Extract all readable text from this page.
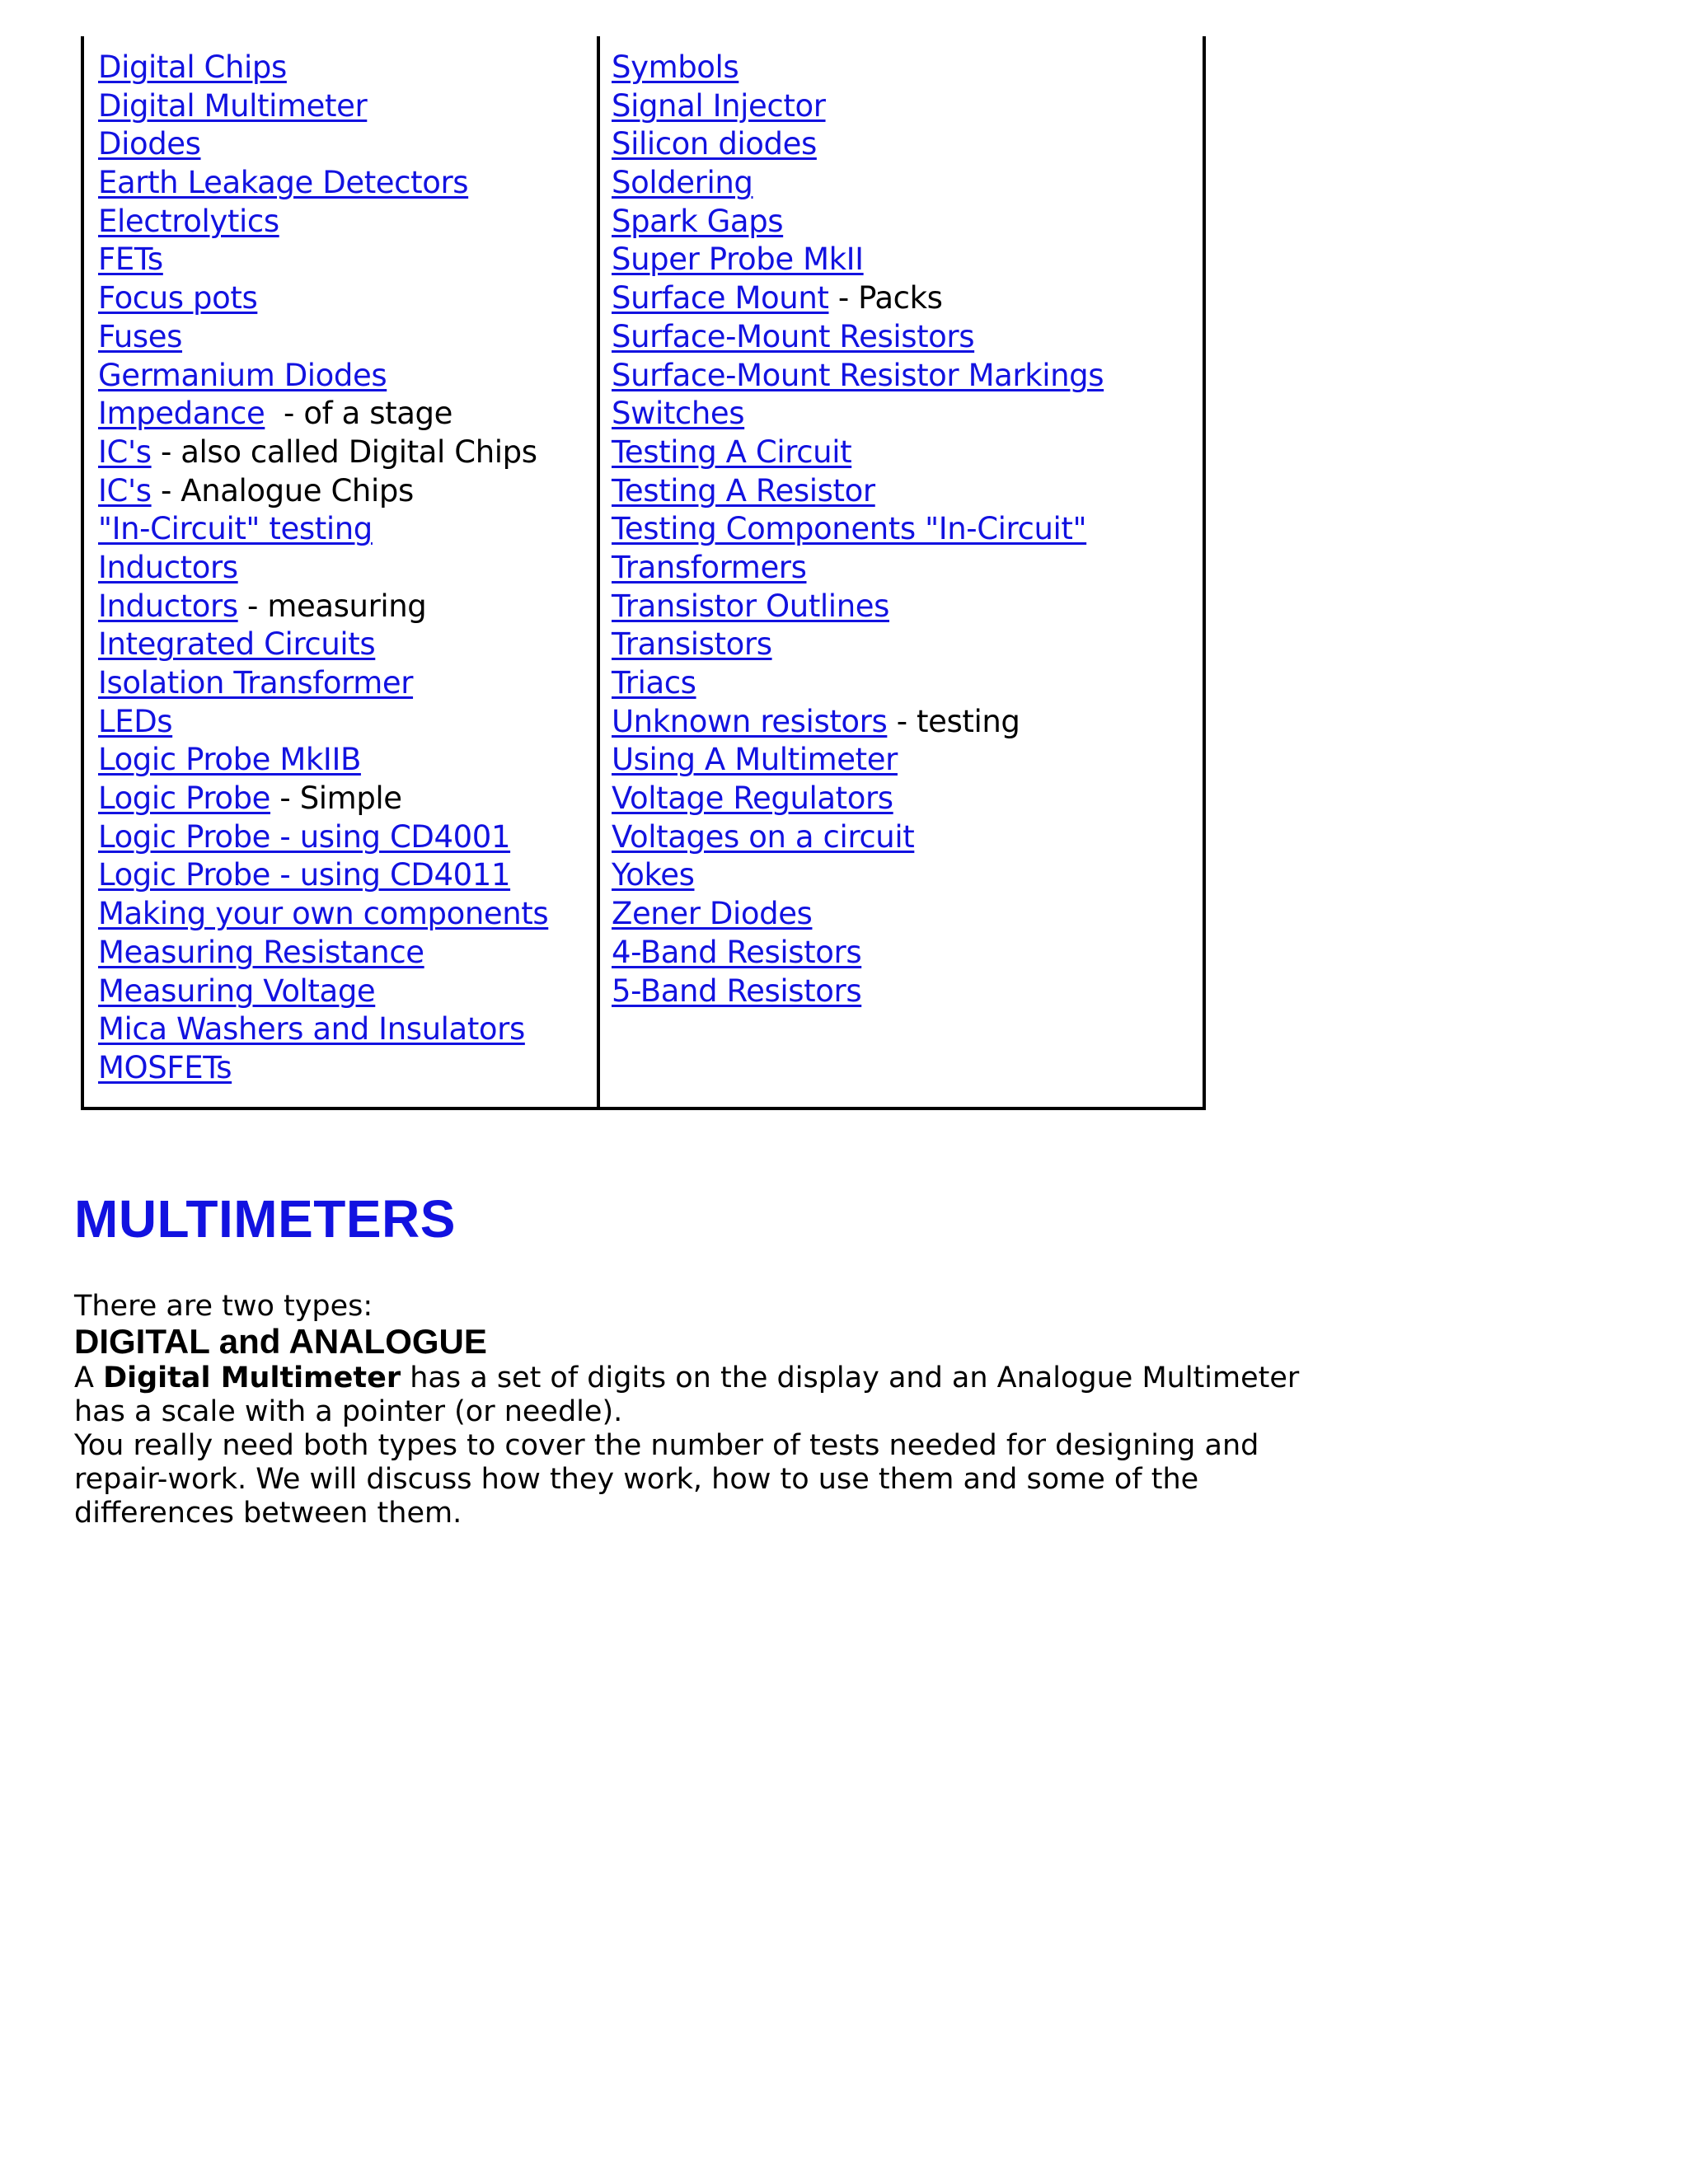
Digital Chips
Digital Multimeter
Diodes
Earth Leakage Detectors
Electrolytics
FETs
Focus pots
Fuses
Germanium Diodes
Impedance  - of a stage
IC's - also called Digital Chips
IC's - Analogue Chips
"In-Circuit" testing
Inductors
Inductors - measuring
Integrated Circuits
Isolation Transformer
LEDs
Logic Probe MkIIB
Logic Probe - Simple
Logic Probe - using CD4001
Logic Probe - using CD4011
Making your own components
Measuring Resistance
Measuring Voltage
Mica Washers and Insulators
MOSFETs
Symbols
Signal Injector
Silicon diodes
Soldering
Spark Gaps
Super Probe MkII
Surface Mount - Packs
Surface-Mount Resistors
Surface-Mount Resistor Markings
Switches
Testing A Circuit
Testing A Resistor
Testing Components "In-Circuit"
Transformers
Transistor Outlines
Transistors
Triacs
Unknown resistors - testing
Using A Multimeter
Voltage Regulators
Voltages on a circuit
Yokes
Zener Diodes
4-Band Resistors
5-Band Resistors
MULTIMETERS
There are two types:
DIGITAL and ANALOGUE

A Digital Multimeter has a set of digits on the display and an Analogue Multimeter has a scale with a pointer (or needle).

You really need both types to cover the number of tests needed for designing and repair-work. We will discuss how they work, how to use them and some of the differences between them.
